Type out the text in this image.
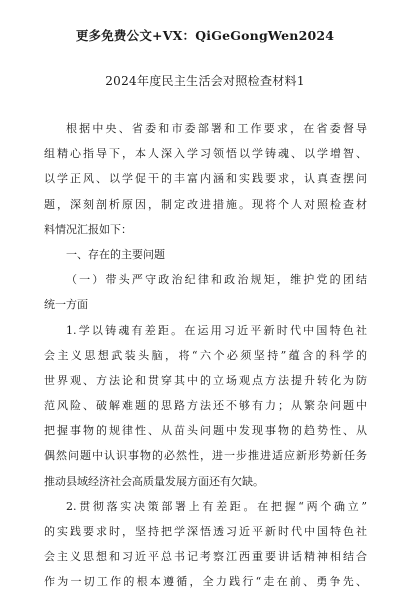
更多免费公文+VX：QiGeGongWen2024
2024年度民主生活会对照检查材料1
根据中央、省委和市委部署和工作要求，在省委督导
组精心指导下，本人深入学习领悟以学铸魂、以学增智、
以学正风、以学促干的丰富内涵和实践要求，认真查摆问
题，深刻剖析原因，制定改进措施。现将个人对照检查材
料情况汇报如下：
一、存在的主要问题
（一）带头严守政治纪律和政治规矩，维护党的团结
统一方面
1.学以铸魂有差距。在运用习近平新时代中国特色社
会主义思想武装头脑，将“六个必须坚持”蕴含的科学的
世界观、方法论和贯穿其中的立场观点方法提升转化为防
范风险、破解难题的思路方法还不够有力；从繁杂问题中
把握事物的规律性、从苗头问题中发现事物的趋势性、从
偶然问题中认识事物的必然性，进一步推进适应新形势新任务
推动县域经济社会高质量发展方面还有欠缺。
2.贯彻落实决策部署上有差距。在把握“两个确立”
的实践要求时，坚持把学深悟透习近平新时代中国特色社
会主义思想和习近平总书记考察江西重要讲话精神相结合
作为一切工作的根本遵循，全力践行“走在前、勇争先、
